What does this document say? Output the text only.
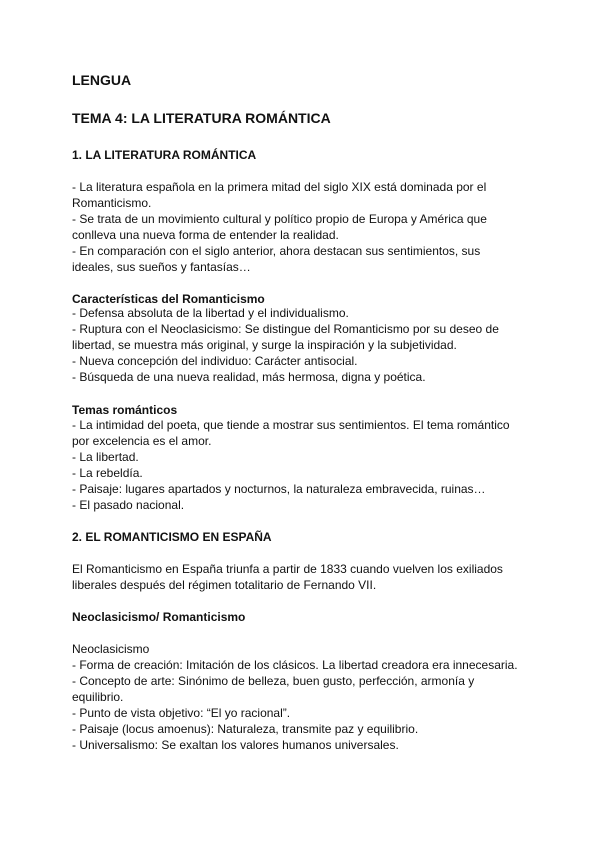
LENGUA
TEMA 4: LA LITERATURA ROMÁNTICA
1. LA LITERATURA ROMÁNTICA
- La literatura española en la primera mitad del siglo XIX está dominada por el
Romanticismo.
- Se trata de un movimiento cultural y político propio de Europa y América que
conlleva una nueva forma de entender la realidad.
- En comparación con el siglo anterior, ahora destacan sus sentimientos, sus
ideales, sus sueños y fantasías…
Características del Romanticismo
- Defensa absoluta de la libertad y el individualismo.
- Ruptura con el Neoclasicismo: Se distingue del Romanticismo por su deseo de
libertad, se muestra más original, y surge la inspiración y la subjetividad.
- Nueva concepción del individuo: Carácter antisocial.
- Búsqueda de una nueva realidad, más hermosa, digna y poética.
Temas románticos
- La intimidad del poeta, que tiende a mostrar sus sentimientos. El tema romántico
por excelencia es el amor.
- La libertad.
- La rebeldía.
- Paisaje: lugares apartados y nocturnos, la naturaleza embravecida, ruinas…
- El pasado nacional.
2. EL ROMANTICISMO EN ESPAÑA
El Romanticismo en España triunfa a partir de 1833 cuando vuelven los exiliados
liberales después del régimen totalitario de Fernando VII.
Neoclasicismo/ Romanticismo
Neoclasicismo
- Forma de creación: Imitación de los clásicos. La libertad creadora era innecesaria.
- Concepto de arte: Sinónimo de belleza, buen gusto, perfección, armonía y
equilibrio.
- Punto de vista objetivo: “El yo racional”.
- Paisaje (locus amoenus): Naturaleza, transmite paz y equilibrio.
- Universalismo: Se exaltan los valores humanos universales.
